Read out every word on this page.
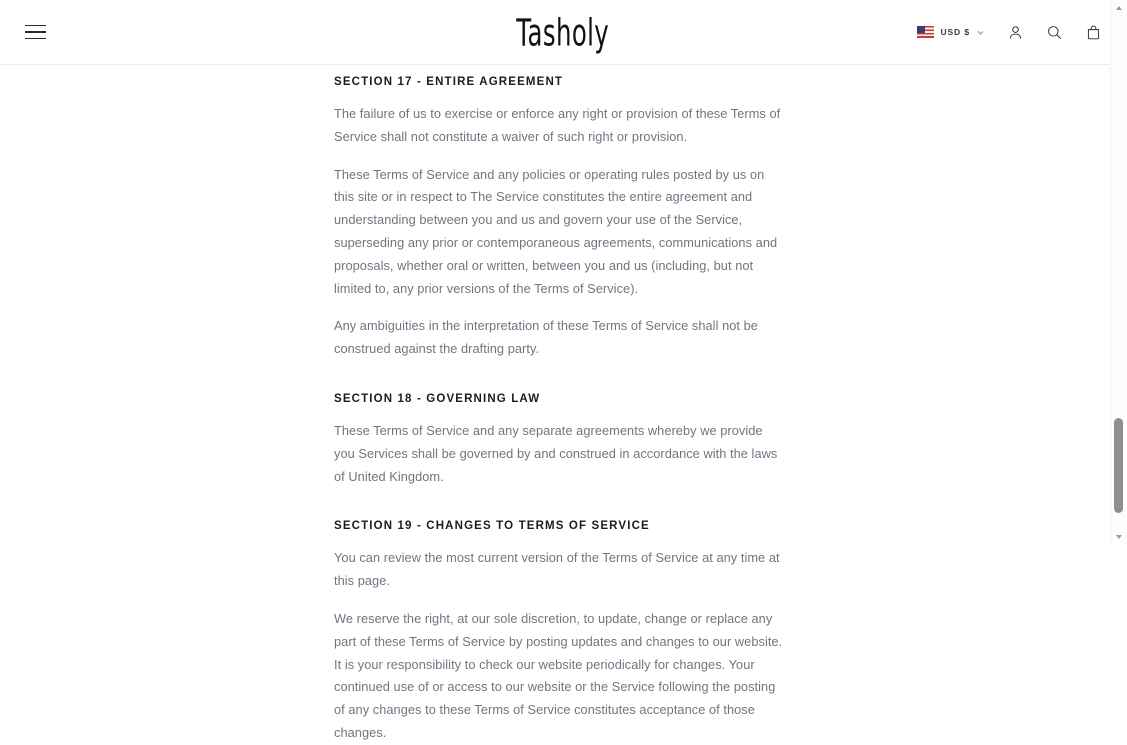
Tasholy	USD $
SECTION 17 - ENTIRE AGREEMENT

The failure of us to exercise or enforce any right or provision of these Terms of Service shall not constitute a waiver of such right or provision.

These Terms of Service and any policies or operating rules posted by us on this site or in respect to The Service constitutes the entire agreement and understanding between you and us and govern your use of the Service, superseding any prior or contemporaneous agreements, communications and proposals, whether oral or written, between you and us (including, but not limited to, any prior versions of the Terms of Service).

Any ambiguities in the interpretation of these Terms of Service shall not be construed against the drafting party.

SECTION 18 - GOVERNING LAW

These Terms of Service and any separate agreements whereby we provide you Services shall be governed by and construed in accordance with the laws of United Kingdom.

SECTION 19 - CHANGES TO TERMS OF SERVICE

You can review the most current version of the Terms of Service at any time at this page.

We reserve the right, at our sole discretion, to update, change or replace any part of these Terms of Service by posting updates and changes to our website. It is your responsibility to check our website periodically for changes. Your continued use of or access to our website or the Service following the posting of any changes to these Terms of Service constitutes acceptance of those changes.
